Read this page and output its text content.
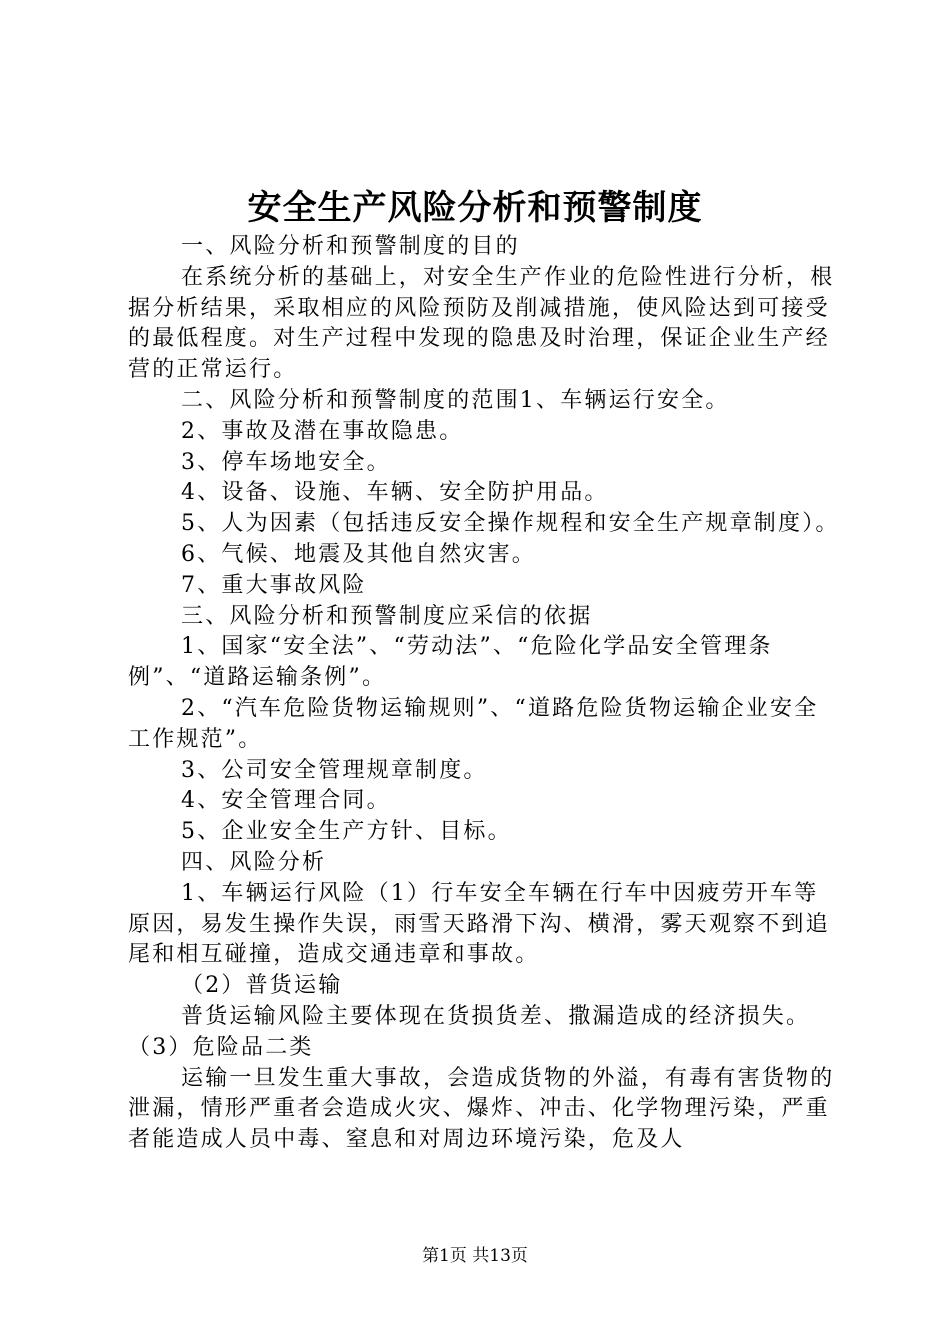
安全生产风险分析和预警制度

一、风险分析和预警制度的目的

在系统分析的基础上，对安全生产作业的危险性进行分析，根据分析结果，采取相应的风险预防及削减措施，使风险达到可接受的最低程度。对生产过程中发现的隐患及时治理，保证企业生产经营的正常运行。

二、风险分析和预警制度的范围1、车辆运行安全。

2、事故及潜在事故隐患。

3、停车场地安全。

4、设备、设施、车辆、安全防护用品。

5、人为因素（包括违反安全操作规程和安全生产规章制度）。

6、气候、地震及其他自然灾害。

7、重大事故风险

三、风险分析和预警制度应采信的依据

1、国家“安全法”、“劳动法”、“危险化学品安全管理条例”、“道路运输条例”。

2、“汽车危险货物运输规则”、“道路危险货物运输企业安全工作规范”。

3、公司安全管理规章制度。

4、安全管理合同。

5、企业安全生产方针、目标。

四、风险分析

1、车辆运行风险（1）行车安全车辆在行车中因疲劳开车等原因，易发生操作失误，雨雪天路滑下沟、横滑，雾天观察不到追尾和相互碰撞，造成交通违章和事故。

（2）普货运输

普货运输风险主要体现在货损货差、撒漏造成的经济损失。

（3）危险品二类

运输一旦发生重大事故，会造成货物的外溢，有毒有害货物的泄漏，情形严重者会造成火灾、爆炸、冲击、化学物理污染，严重者能造成人员中毒、窒息和对周边环境污染，危及人

第1页 共13页
